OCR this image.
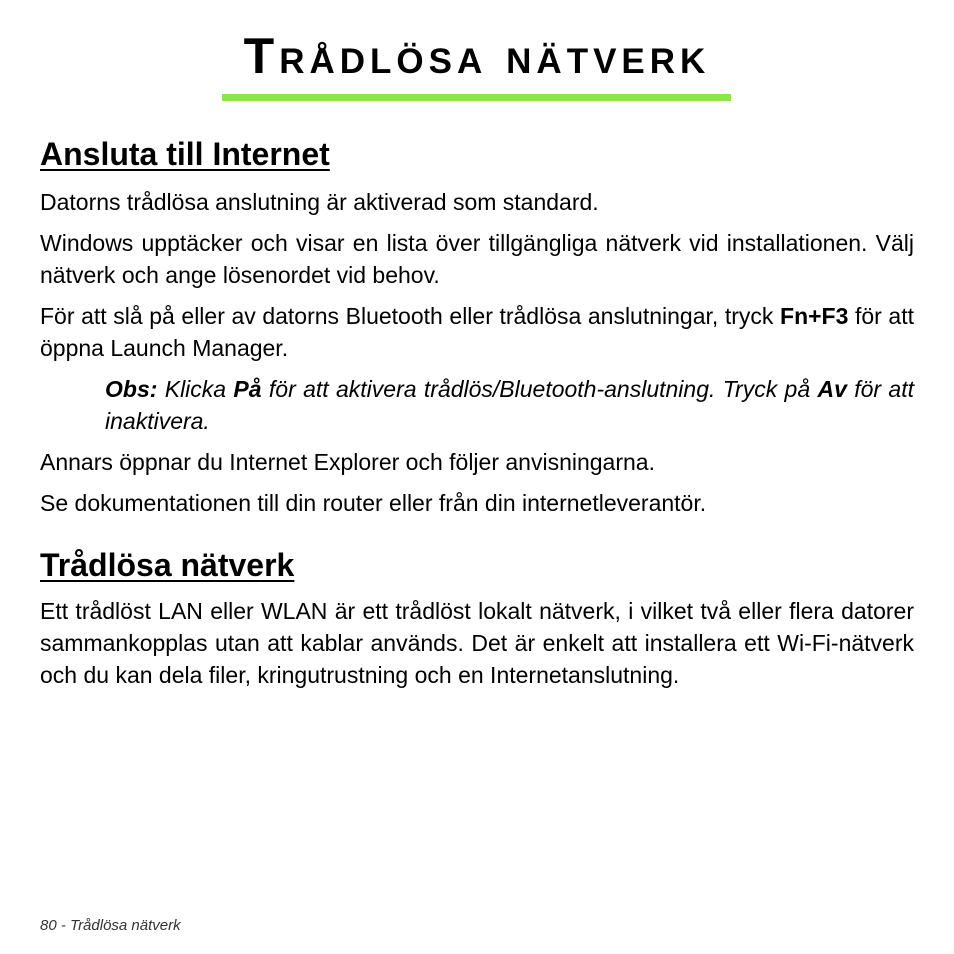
Trådlösa nätverk
Ansluta till Internet

Datorns trådlösa anslutning är aktiverad som standard.

Windows upptäcker och visar en lista över tillgängliga nätverk vid installationen. Välj nätverk och ange lösenordet vid behov.

För att slå på eller av datorns Bluetooth eller trådlösa anslutningar, tryck Fn+F3 för att öppna Launch Manager.

Obs: Klicka På för att aktivera trådlös/Bluetooth-anslutning. Tryck på Av för att inaktivera.

Annars öppnar du Internet Explorer och följer anvisningarna.

Se dokumentationen till din router eller från din internetleverantör.

Trådlösa nätverk

Ett trådlöst LAN eller WLAN är ett trådlöst lokalt nätverk, i vilket två eller flera datorer sammankopplas utan att kablar används. Det är enkelt att installera ett Wi-Fi-nätverk och du kan dela filer, kringutrustning och en Internetanslutning.

80 - Trådlösa nätverk
